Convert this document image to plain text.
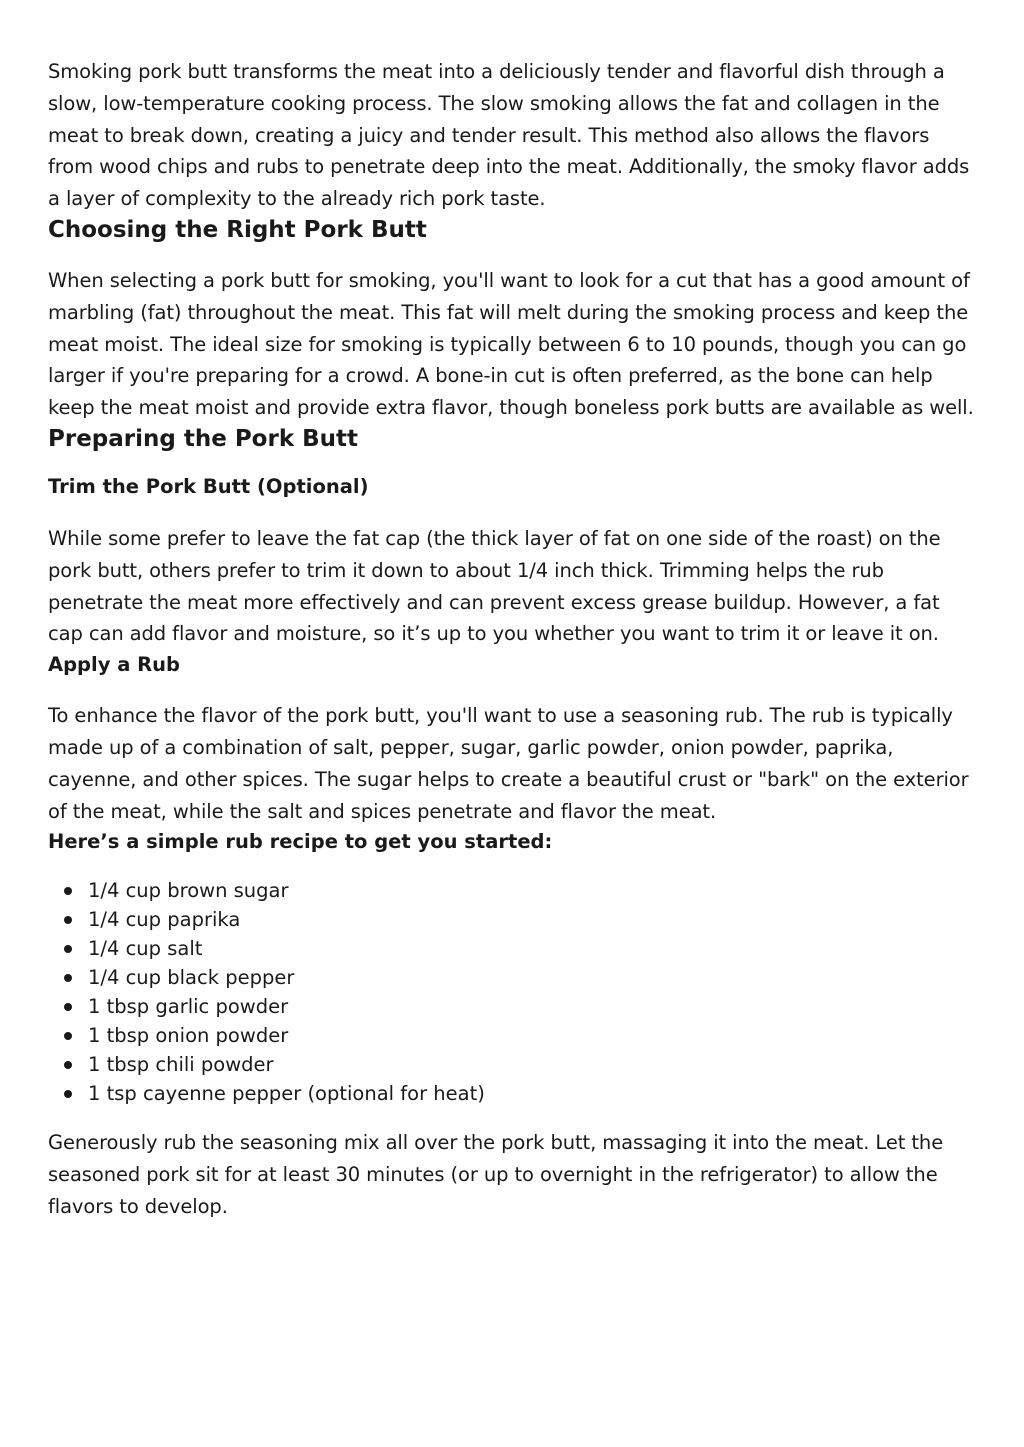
Smoking pork butt transforms the meat into a deliciously tender and flavorful dish through a slow, low-temperature cooking process. The slow smoking allows the fat and collagen in the meat to break down, creating a juicy and tender result. This method also allows the flavors from wood chips and rubs to penetrate deep into the meat. Additionally, the smoky flavor adds a layer of complexity to the already rich pork taste.

Choosing the Right Pork Butt

When selecting a pork butt for smoking, you'll want to look for a cut that has a good amount of marbling (fat) throughout the meat. This fat will melt during the smoking process and keep the meat moist. The ideal size for smoking is typically between 6 to 10 pounds, though you can go larger if you're preparing for a crowd. A bone-in cut is often preferred, as the bone can help keep the meat moist and provide extra flavor, though boneless pork butts are available as well.

Preparing the Pork Butt
Trim the Pork Butt (Optional)

While some prefer to leave the fat cap (the thick layer of fat on one side of the roast) on the pork butt, others prefer to trim it down to about 1/4 inch thick. Trimming helps the rub penetrate the meat more effectively and can prevent excess grease buildup. However, a fat cap can add flavor and moisture, so it’s up to you whether you want to trim it or leave it on.

Apply a Rub

To enhance the flavor of the pork butt, you'll want to use a seasoning rub. The rub is typically made up of a combination of salt, pepper, sugar, garlic powder, onion powder, paprika, cayenne, and other spices. The sugar helps to create a beautiful crust or "bark" on the exterior of the meat, while the salt and spices penetrate and flavor the meat.

Here’s a simple rub recipe to get you started:
1/4 cup brown sugar
1/4 cup paprika
1/4 cup salt
1/4 cup black pepper
1 tbsp garlic powder
1 tbsp onion powder
1 tbsp chili powder
1 tsp cayenne pepper (optional for heat)

Generously rub the seasoning mix all over the pork butt, massaging it into the meat. Let the seasoned pork sit for at least 30 minutes (or up to overnight in the refrigerator) to allow the flavors to develop.
